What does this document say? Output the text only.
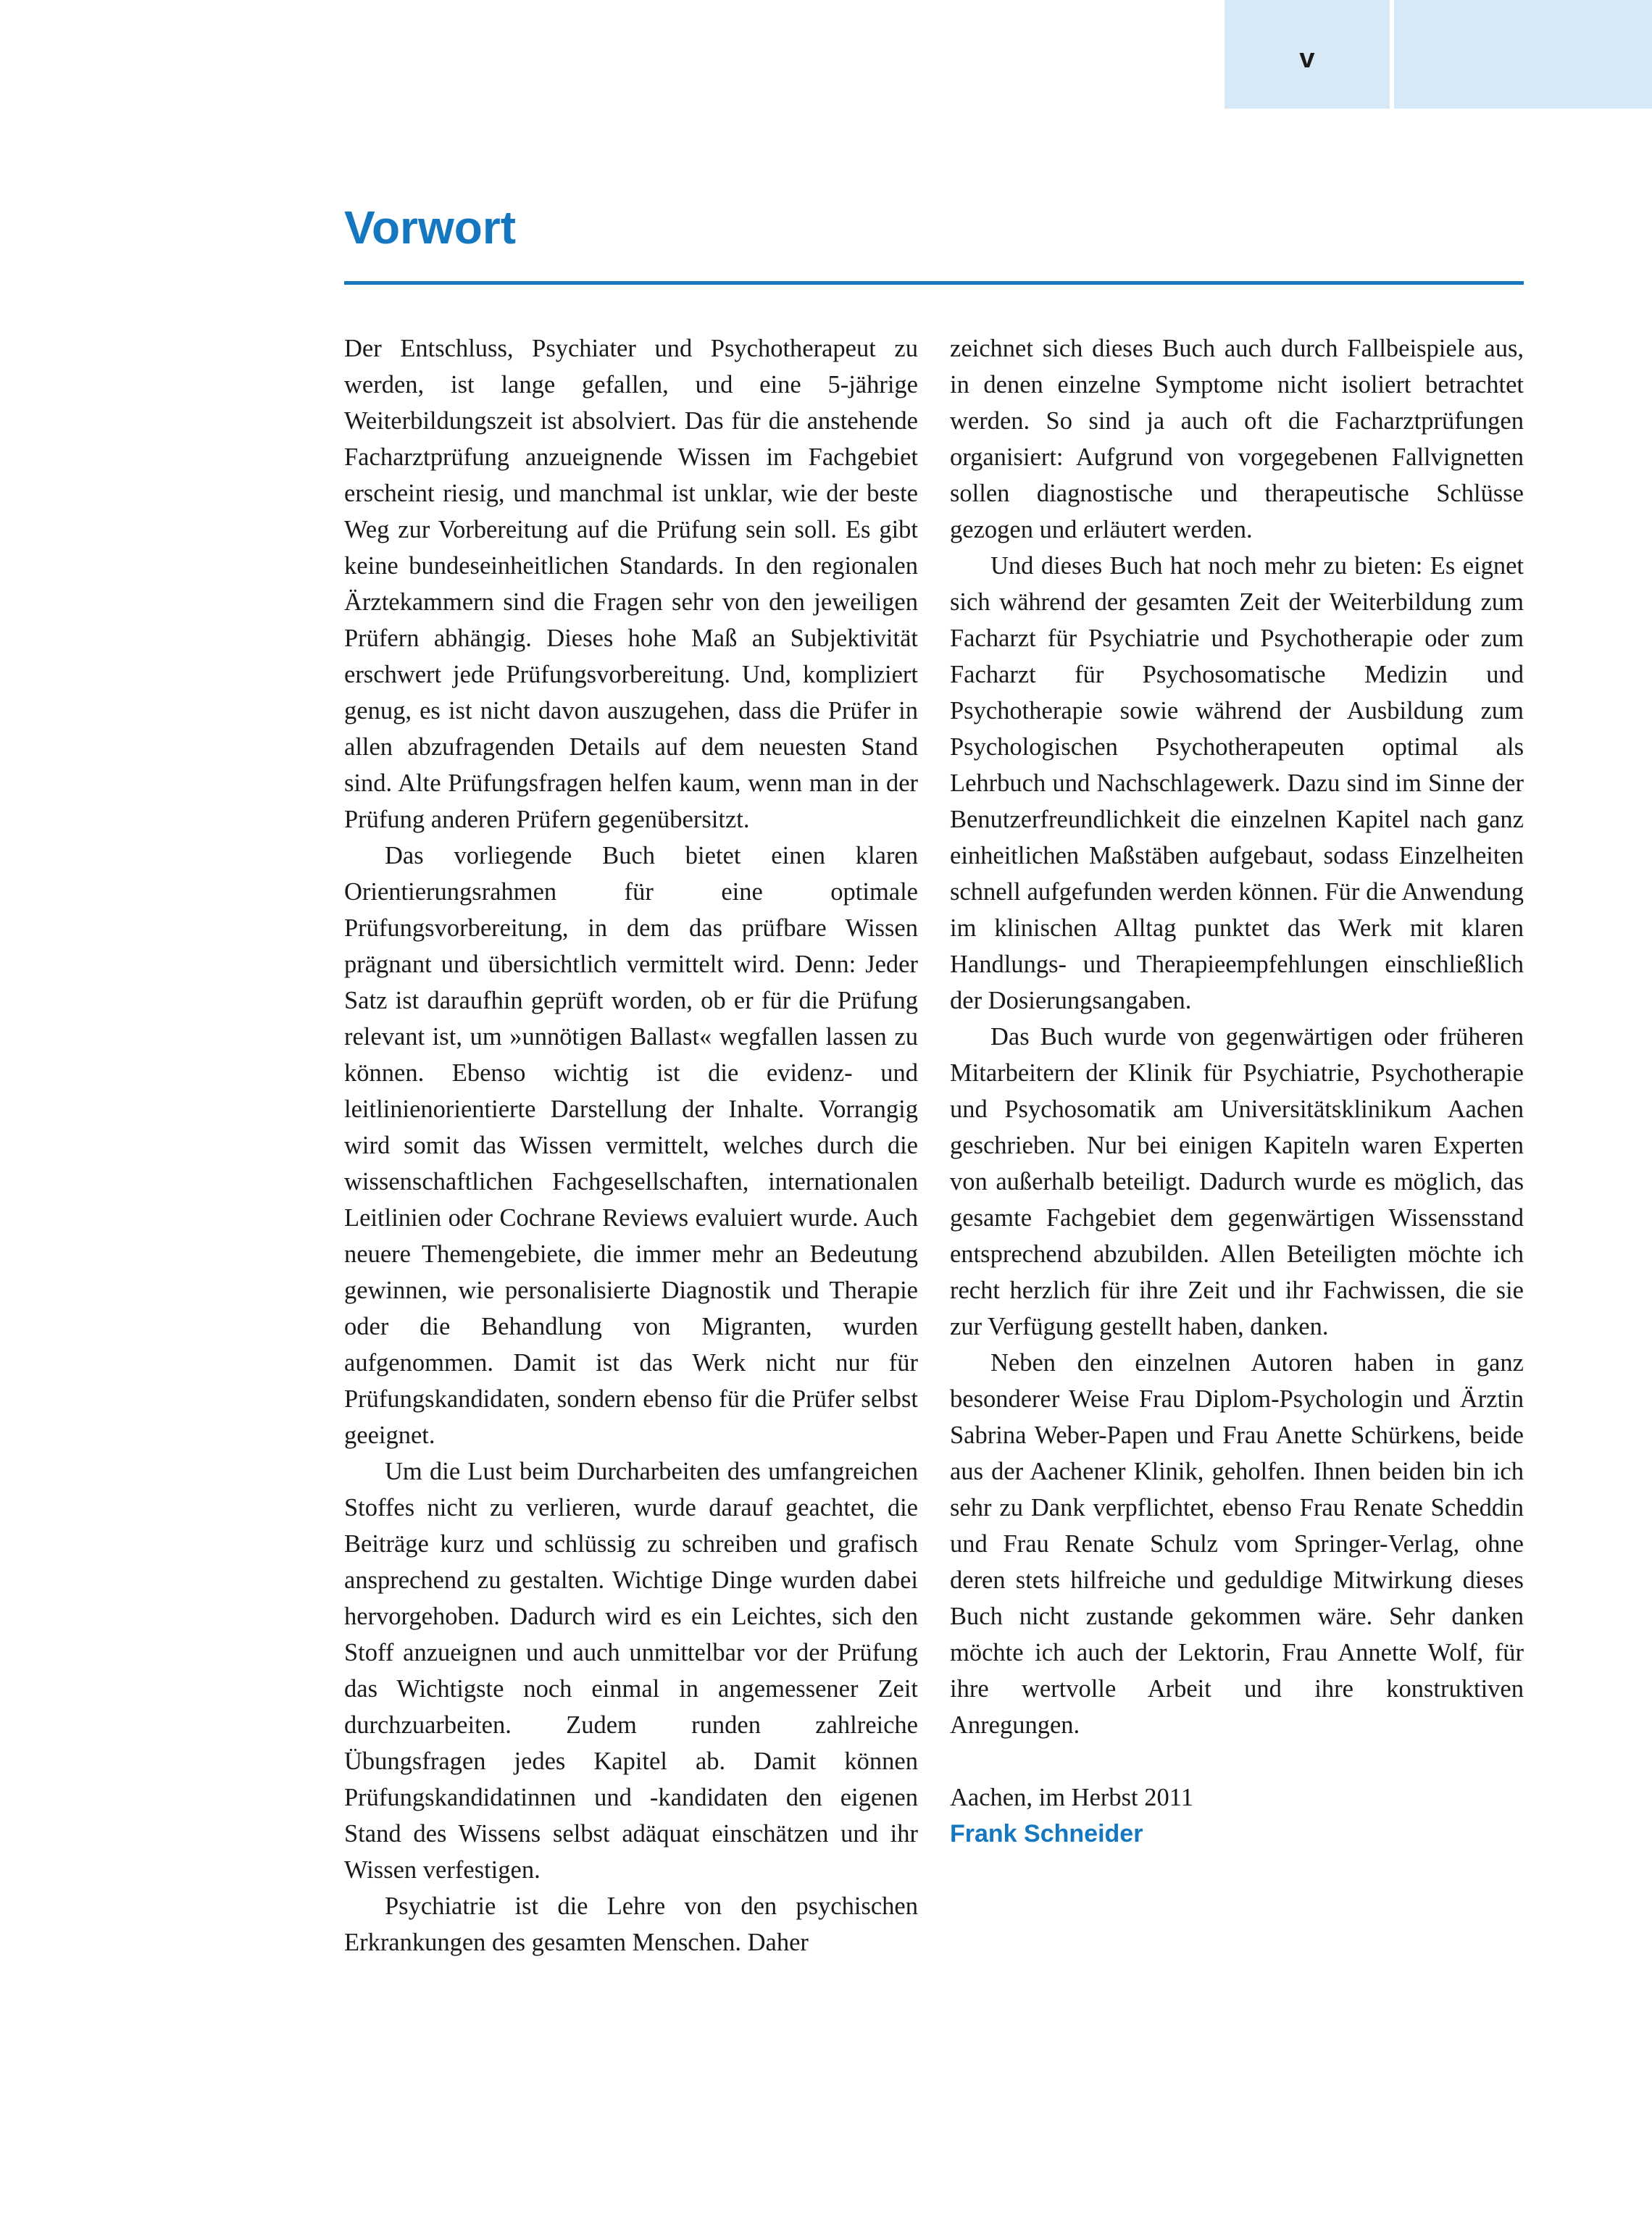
v
Vorwort

Der Entschluss, Psychiater und Psychotherapeut zu werden, ist lange gefallen, und eine 5-jährige Weiterbildungszeit ist absolviert. Das für die anstehende Facharztprüfung anzueignende Wissen im Fachgebiet erscheint riesig, und manchmal ist unklar, wie der beste Weg zur Vorbereitung auf die Prüfung sein soll. Es gibt keine bundeseinheitlichen Standards. In den regionalen Ärztekammern sind die Fragen sehr von den jeweiligen Prüfern abhängig. Dieses hohe Maß an Subjektivität erschwert jede Prüfungsvorbereitung. Und, kompliziert genug, es ist nicht davon auszugehen, dass die Prüfer in allen abzufragenden Details auf dem neuesten Stand sind. Alte Prüfungsfragen helfen kaum, wenn man in der Prüfung anderen Prüfern gegenübersitzt.

Das vorliegende Buch bietet einen klaren Orientierungsrahmen für eine optimale Prüfungsvorbereitung, in dem das prüfbare Wissen prägnant und übersichtlich vermittelt wird. Denn: Jeder Satz ist daraufhin geprüft worden, ob er für die Prüfung relevant ist, um »unnötigen Ballast« wegfallen lassen zu können. Ebenso wichtig ist die evidenz- und leitlinienorientierte Darstellung der Inhalte. Vorrangig wird somit das Wissen vermittelt, welches durch die wissenschaftlichen Fachgesellschaften, internationalen Leitlinien oder Cochrane Reviews evaluiert wurde. Auch neuere Themengebiete, die immer mehr an Bedeutung gewinnen, wie personalisierte Diagnostik und Therapie oder die Behandlung von Migranten, wurden aufgenommen. Damit ist das Werk nicht nur für Prüfungskandidaten, sondern ebenso für die Prüfer selbst geeignet.

Um die Lust beim Durcharbeiten des umfangreichen Stoffes nicht zu verlieren, wurde darauf geachtet, die Beiträge kurz und schlüssig zu schreiben und grafisch ansprechend zu gestalten. Wichtige Dinge wurden dabei hervorgehoben. Dadurch wird es ein Leichtes, sich den Stoff anzueignen und auch unmittelbar vor der Prüfung das Wichtigste noch einmal in angemessener Zeit durchzuarbeiten. Zudem runden zahlreiche Übungsfragen jedes Kapitel ab. Damit können Prüfungskandidatinnen und -kandidaten den eigenen Stand des Wissens selbst adäquat einschätzen und ihr Wissen verfestigen.

Psychiatrie ist die Lehre von den psychischen Erkrankungen des gesamten Menschen. Daher

zeichnet sich dieses Buch auch durch Fallbeispiele aus, in denen einzelne Symptome nicht isoliert betrachtet werden. So sind ja auch oft die Facharztprüfungen organisiert: Aufgrund von vorgegebenen Fallvignetten sollen diagnostische und therapeutische Schlüsse gezogen und erläutert werden.

Und dieses Buch hat noch mehr zu bieten: Es eignet sich während der gesamten Zeit der Weiterbildung zum Facharzt für Psychiatrie und Psychotherapie oder zum Facharzt für Psychosomatische Medizin und Psychotherapie sowie während der Ausbildung zum Psychologischen Psychotherapeuten optimal als Lehrbuch und Nachschlagewerk. Dazu sind im Sinne der Benutzerfreundlichkeit die einzelnen Kapitel nach ganz einheitlichen Maßstäben aufgebaut, sodass Einzelheiten schnell aufgefunden werden können. Für die Anwendung im klinischen Alltag punktet das Werk mit klaren Handlungs- und Therapieempfehlungen einschließlich der Dosierungsangaben.

Das Buch wurde von gegenwärtigen oder früheren Mitarbeitern der Klinik für Psychiatrie, Psychotherapie und Psychosomatik am Universitätsklinikum Aachen geschrieben. Nur bei einigen Kapiteln waren Experten von außerhalb beteiligt. Dadurch wurde es möglich, das gesamte Fachgebiet dem gegenwärtigen Wissensstand entsprechend abzubilden. Allen Beteiligten möchte ich recht herzlich für ihre Zeit und ihr Fachwissen, die sie zur Verfügung gestellt haben, danken.

Neben den einzelnen Autoren haben in ganz besonderer Weise Frau Diplom-Psychologin und Ärztin Sabrina Weber-Papen und Frau Anette Schürkens, beide aus der Aachener Klinik, geholfen. Ihnen beiden bin ich sehr zu Dank verpflichtet, ebenso Frau Renate Scheddin und Frau Renate Schulz vom Springer-Verlag, ohne deren stets hilfreiche und geduldige Mitwirkung dieses Buch nicht zustande gekommen wäre. Sehr danken möchte ich auch der Lektorin, Frau Annette Wolf, für ihre wertvolle Arbeit und ihre konstruktiven Anregungen.

Aachen, im Herbst 2011
Frank Schneider
